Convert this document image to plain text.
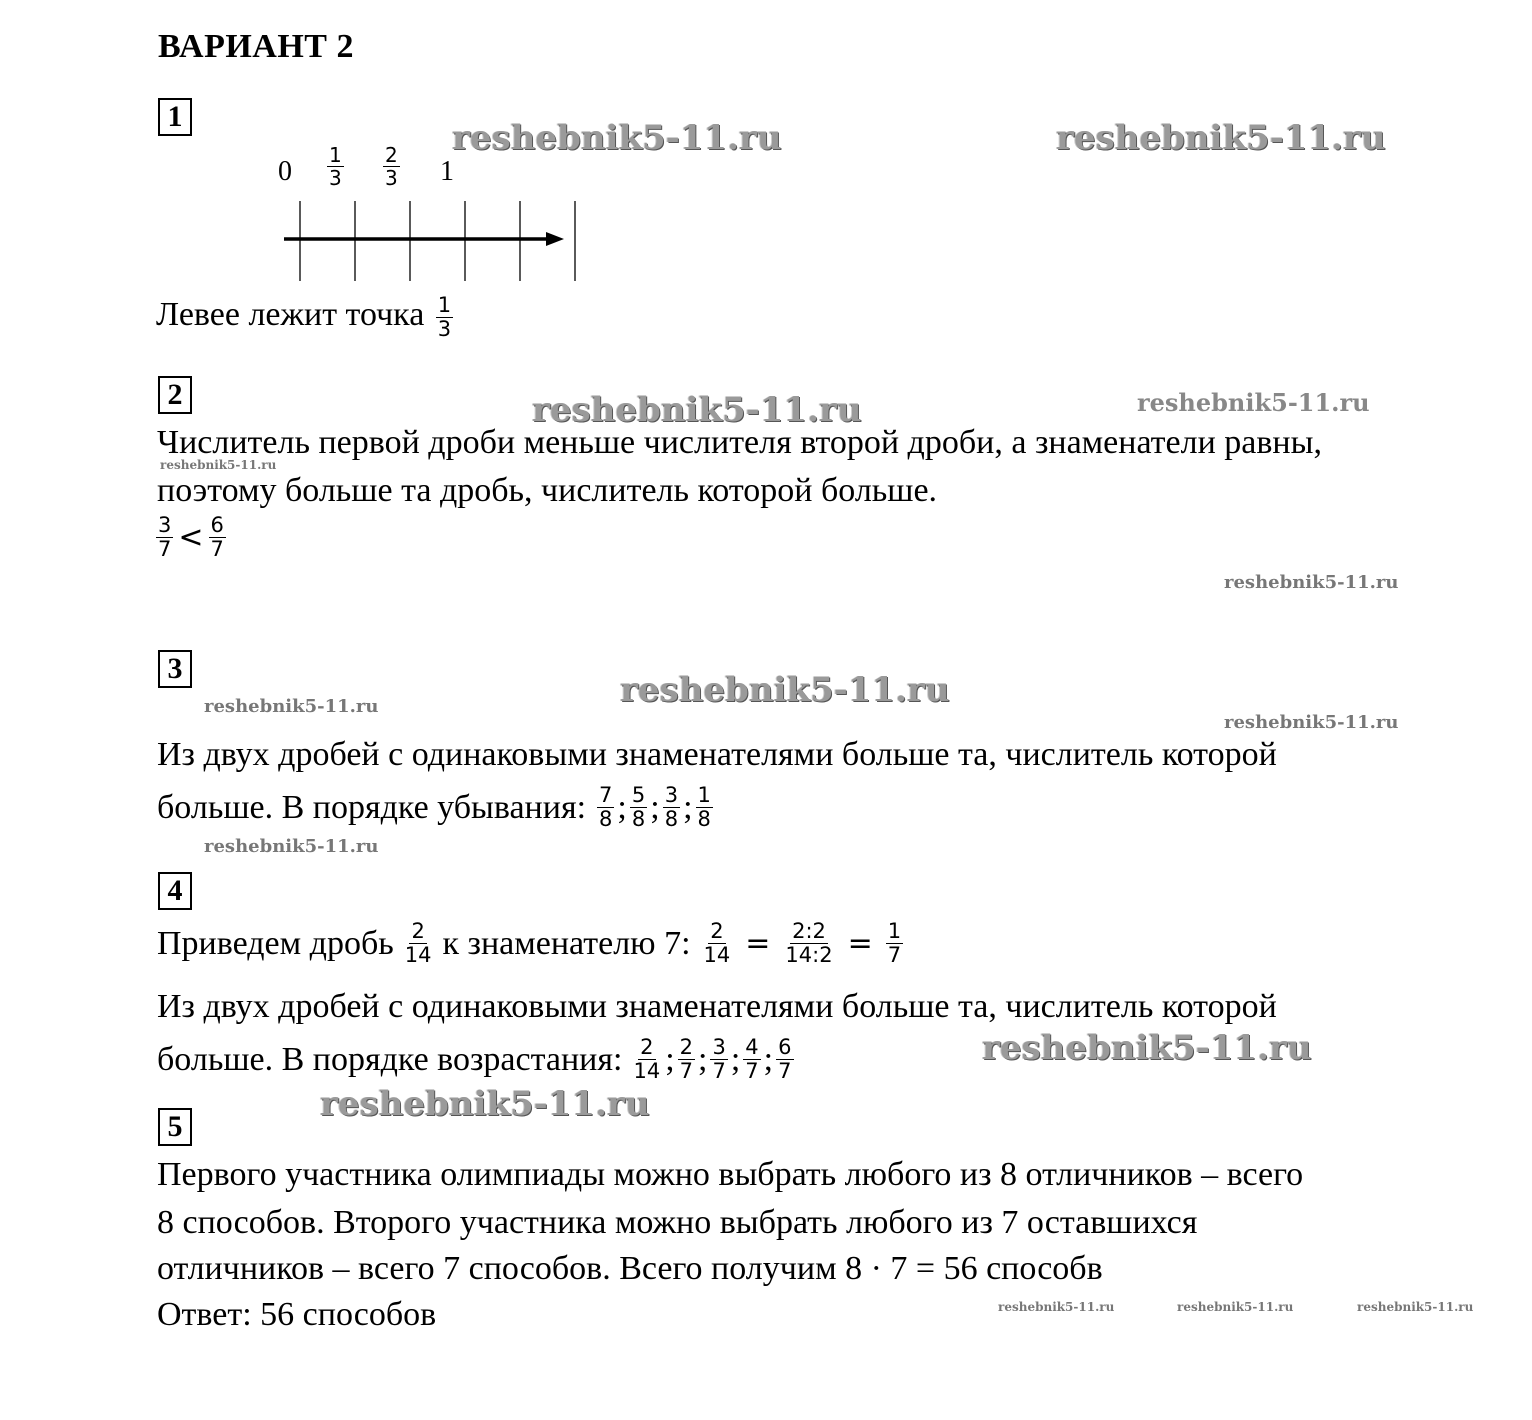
ВАРИАНТ 2
reshebnik5-11.ru	reshebnik5-11.ru
reshebnik5-11.ru	reshebnik5-11.ru
reshebnik5-11.ru
reshebnik5-11.ru
reshebnik5-11.ru
reshebnik5-11.ru
reshebnik5-11.ru
reshebnik5-11.ru
reshebnik5-11.ru
reshebnik5-11.ru
reshebnik5-11.ru	reshebnik5-11.ru	reshebnik5-11.ru
1
$0 \frac{1}{3} \frac{2}{3} 1$
Левее лежит точка $\frac{1}{3}$
2
Числитель первой дроби меньше числителя второй дроби, а знаменатели равны,
поэтому больше та дробь, числитель которой больше.
$\frac{3}{7} < \frac{6}{7}$
3
Из двух дробей с одинаковыми знаменателями больше та, числитель которой
больше. В порядке убывания: $\frac{7}{8}$ ; $\frac{5}{8}$ ; $\frac{3}{8}$ ; $\frac{1}{8}$
4
Приведем дробь $\frac{2}{14}$ к знаменателю 7: $\frac{2}{14} = \frac{2:2}{14:2} = \frac{1}{7}$
Из двух дробей с одинаковыми знаменателями больше та, числитель которой
больше. В порядке возрастания: $\frac{2}{14}$ ; $\frac{2}{7}$ ; $\frac{3}{7}$ ; $\frac{4}{7}$ ; $\frac{6}{7}$
5
Первого участника олимпиады можно выбрать любого из 8 отличников – всего
8 способов. Второго участника можно выбрать любого из 7 оставшихся
отличников – всего 7 способов. Всего получим 8 · 7 = 56 способв
Ответ: 56 способов
